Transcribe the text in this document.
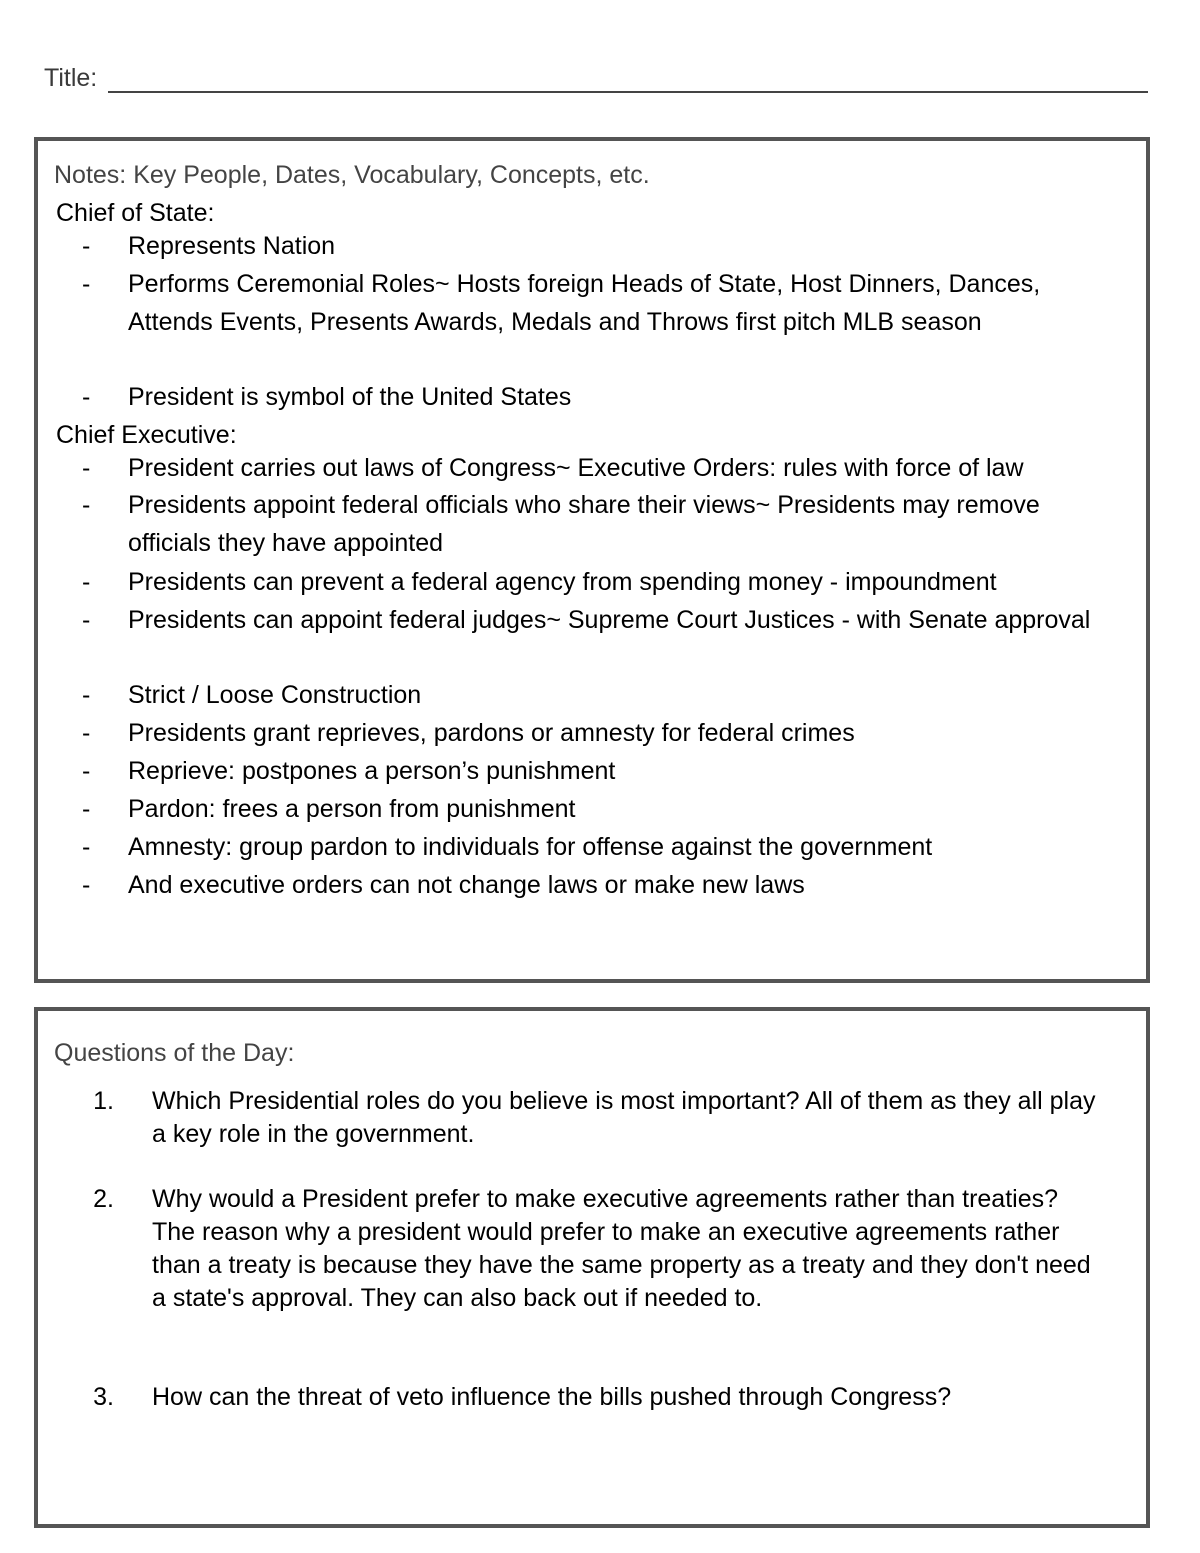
Title:
Notes: Key People, Dates, Vocabulary, Concepts, etc.
Chief of State:
- Represents Nation
- Performs Ceremonial Roles~ Hosts foreign Heads of State, Host Dinners, Dances, Attends Events, Presents Awards, Medals and Throws first pitch MLB season
- President is symbol of the United States
Chief Executive:
- President carries out laws of Congress~ Executive Orders: rules with force of law
- Presidents appoint federal officials who share their views~ Presidents may remove officials they have appointed
- Presidents can prevent a federal agency from spending money - impoundment
- Presidents can appoint federal judges~ Supreme Court Justices - with Senate approval
- Strict / Loose Construction
- Presidents grant reprieves, pardons or amnesty for federal crimes
- Reprieve: postpones a person’s punishment
- Pardon: frees a person from punishment
- Amnesty: group pardon to individuals for offense against the government
- And executive orders can not change laws or make new laws
Questions of the Day:
1. Which Presidential roles do you believe is most important? All of them as they all play a key role in the government.
2. Why would a President prefer to make executive agreements rather than treaties? The reason why a president would prefer to make an executive agreements rather than a treaty is because they have the same property as a treaty and they don't need a state's approval. They can also back out if needed to.
3. How can the threat of veto influence the bills pushed through Congress?
